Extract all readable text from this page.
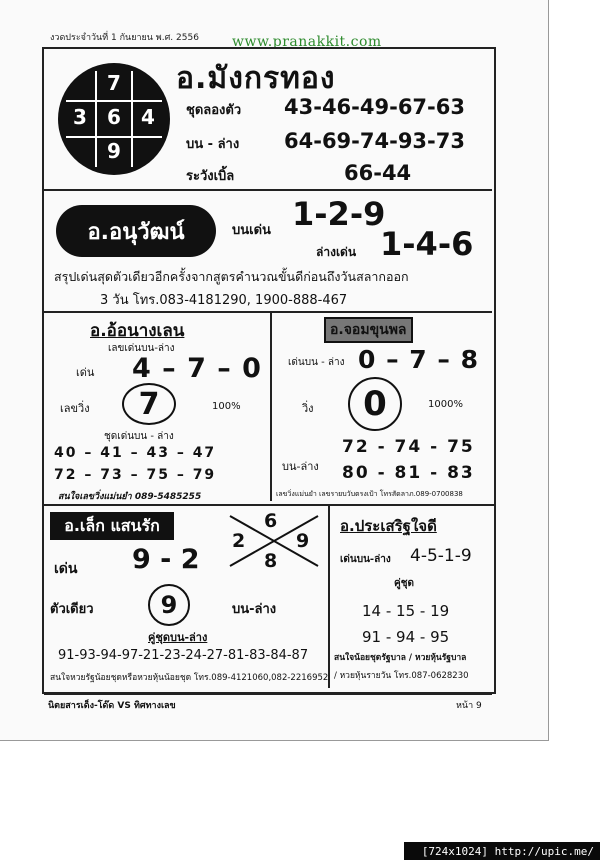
งวดประจำวันที่ 1 กันยายน พ.ศ. 2556 www.pranakkit.com
7
3	6	4
9
อ.มังกรทอง
ชุดลองตัว 43-46-49-67-63
บน - ล่าง 64-69-74-93-73
ระวังเบิ้ล	66-44
อ.อนุวัฒน์	บนเด่น 1-2-9
ล่างเด่น 1-4-6
สรุปเด่นสุดตัวเดียวอีกครั้งจากสูตรคำนวณขั้นดีก่อนถึงวันสลากออก
3 วัน โทร.083-4181290, 1900-888-467
อ.อ้อนางเลน
เลขเด่นบน-ล่าง
เด่น 4 – 7 – 0
เลขวิ่ง	7	100%
ชุดเด่นบน - ล่าง
40 – 41 – 43 – 47
72 – 73 – 75 – 79
สนใจเลขวิ่งแม่นยำ 089-5485255
อ.จอมขุนพล
เด่นบน - ล่าง 0 – 7 – 8
วิ่ง	0	1000%
บน-ล่าง
72 - 74 - 75
80 - 81 - 83
เลขวิ่งแม่นยำ เลขรายบวับตรงเป้า โทรสัดลาภ.089-0700838
อ.เล็ก แสนรัก	6
2	9
8
เด่น 9 - 2
ตัวเดียว	9	บน-ล่าง
คู่ชุดบน-ล่าง
91-93-94-97-21-23-24-27-81-83-84-87
สนใจหวยรัฐน้อยชุดหรือหวยหุ้นน้อยชุด โทร.089-4121060,082-2216952
อ.ประเสริฐใจดี
เด่นบน-ล่าง 4-5-1-9
คู่ชุด
14 - 15 - 19
91 - 94 - 95
สนใจน้อยชุดรัฐบาล / หวยหุ้นรัฐบาล
/ หวยหุ้นรายวัน โทร.087-0628230
นิตยสารเด็ง-โด๊ด VS ทิศทางเลข	หน้า 9
[724x1024] http://upic.me/
